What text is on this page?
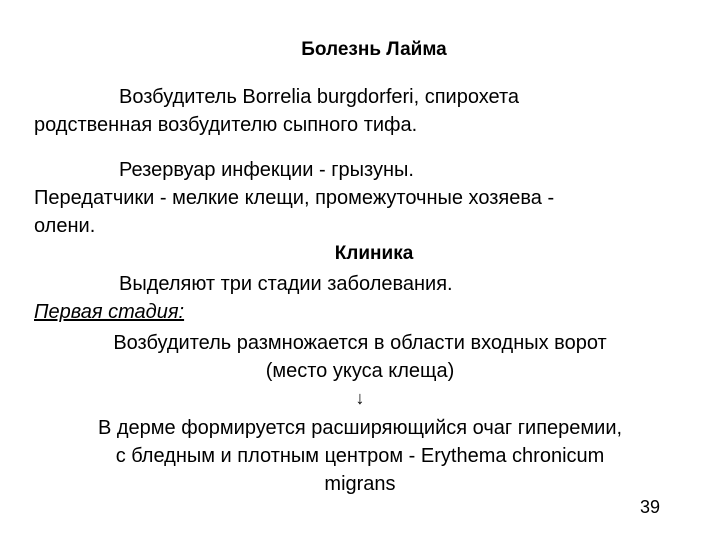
Болезнь Лайма
Возбудитель Borrelia burgdorferi, спирохета
родственная возбудителю сыпного тифа.
Резервуар инфекции - грызуны.
Передатчики - мелкие клещи, промежуточные хозяева -
олени.
Клиника
Выделяют три стадии заболевания.
Первая стадия:
Возбудитель размножается в области входных ворот
(место укуса клеща)
↓
В дерме формируется расширяющийся очаг гиперемии,
с бледным и плотным центром - Erythema chronicum
migrans
39
